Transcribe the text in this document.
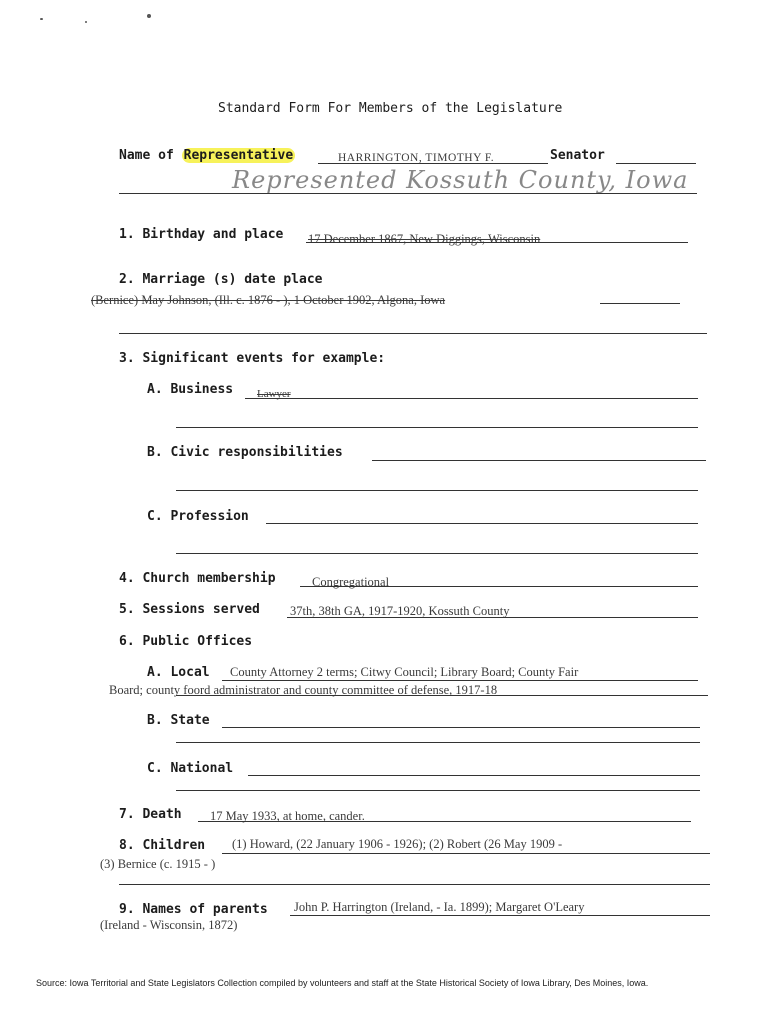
Standard Form For Members of the Legislature
Name of Representative	HARRINGTON, TIMOTHY F.	Senator
Represented Kossuth County, Iowa
1. Birthday and place 17 December 1867, New Diggings, Wisconsin
2. Marriage (s) date place
(Bernice) May Johnson, (Ill. c. 1876 - ), 1 October 1902, Algona, Iowa
3. Significant events for example:
A. Business Lawyer
B. Civic responsibilities
C. Profession
4. Church membership	Congregational
5. Sessions served 37th, 38th GA, 1917-1920, Kossuth County
6. Public Offices
A. Local County Attorney 2 terms; Citwy Council; Library Board; County Fair
Board; county foord administrator and county committee of defense, 1917-18
B. State
C. National
7. Death 17 May 1933, at home, cander.
8. Children (1) Howard, (22 January 1906 - 1926); (2) Robert (26 May 1909 -
(3) Bernice (c. 1915 - )
9. Names of parents John P. Harrington (Ireland, - Ia. 1899); Margaret O'Leary
(Ireland - Wisconsin, 1872)
Source: Iowa Territorial and State Legislators Collection compiled by volunteers and staff at the State Historical Society of Iowa Library, Des Moines, Iowa.
